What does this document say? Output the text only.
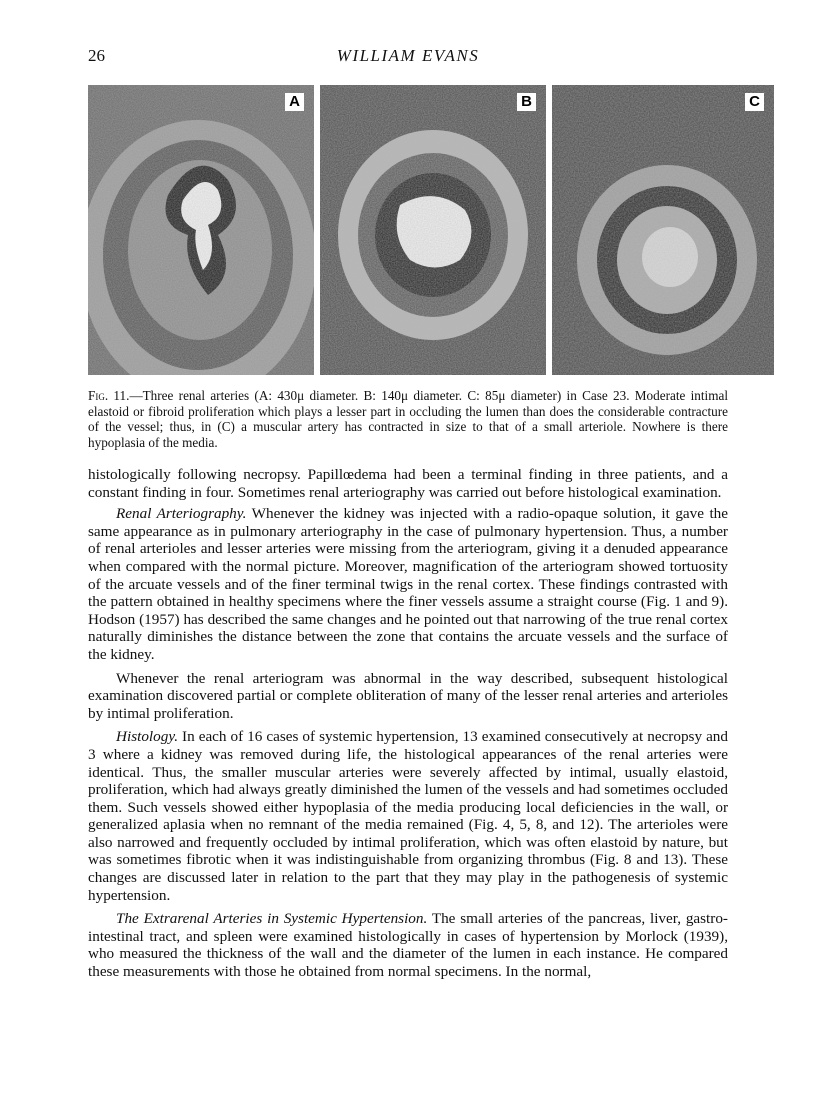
26	WILLIAM EVANS
A	B	C
Fig. 11.—Three renal arteries (A: 430μ diameter. B: 140μ diameter. C: 85μ diameter) in Case 23. Moderate intimal elastoid or fibroid proliferation which plays a lesser part in occluding the lumen than does the considerable contracture of the vessel; thus, in (C) a muscular artery has contracted in size to that of a small arteriole. Nowhere is there hypoplasia of the media.

histologically following necropsy. Papillœdema had been a terminal finding in three patients, and a constant finding in four. Sometimes renal arteriography was carried out before histological examination.

Renal Arteriography. Whenever the kidney was injected with a radio-opaque solution, it gave the same appearance as in pulmonary arteriography in the case of pulmonary hypertension. Thus, a number of renal arterioles and lesser arteries were missing from the arteriogram, giving it a denuded appearance when compared with the normal picture. Moreover, magnification of the arteriogram showed tortuosity of the arcuate vessels and of the finer terminal twigs in the renal cortex. These findings contrasted with the pattern obtained in healthy specimens where the finer vessels assume a straight course (Fig. 1 and 9). Hodson (1957) has described the same changes and he pointed out that narrowing of the true renal cortex naturally diminishes the distance between the zone that contains the arcuate vessels and the surface of the kidney.

Whenever the renal arteriogram was abnormal in the way described, subsequent histological examination discovered partial or complete obliteration of many of the lesser renal arteries and arterioles by intimal proliferation.

Histology. In each of 16 cases of systemic hypertension, 13 examined consecutively at necropsy and 3 where a kidney was removed during life, the histological appearances of the renal arteries were identical. Thus, the smaller muscular arteries were severely affected by intimal, usually elastoid, proliferation, which had always greatly diminished the lumen of the vessels and had sometimes occluded them. Such vessels showed either hypoplasia of the media producing local deficiencies in the wall, or generalized aplasia when no remnant of the media remained (Fig. 4, 5, 8, and 12). The arterioles were also narrowed and frequently occluded by intimal proliferation, which was often elastoid by nature, but was sometimes fibrotic when it was indistinguishable from organizing thrombus (Fig. 8 and 13). These changes are discussed later in relation to the part that they may play in the pathogenesis of systemic hypertension.

The Extrarenal Arteries in Systemic Hypertension. The small arteries of the pancreas, liver, gastro-intestinal tract, and spleen were examined histologically in cases of hypertension by Morlock (1939), who measured the thickness of the wall and the diameter of the lumen in each instance. He compared these measurements with those he obtained from normal specimens. In the normal,
